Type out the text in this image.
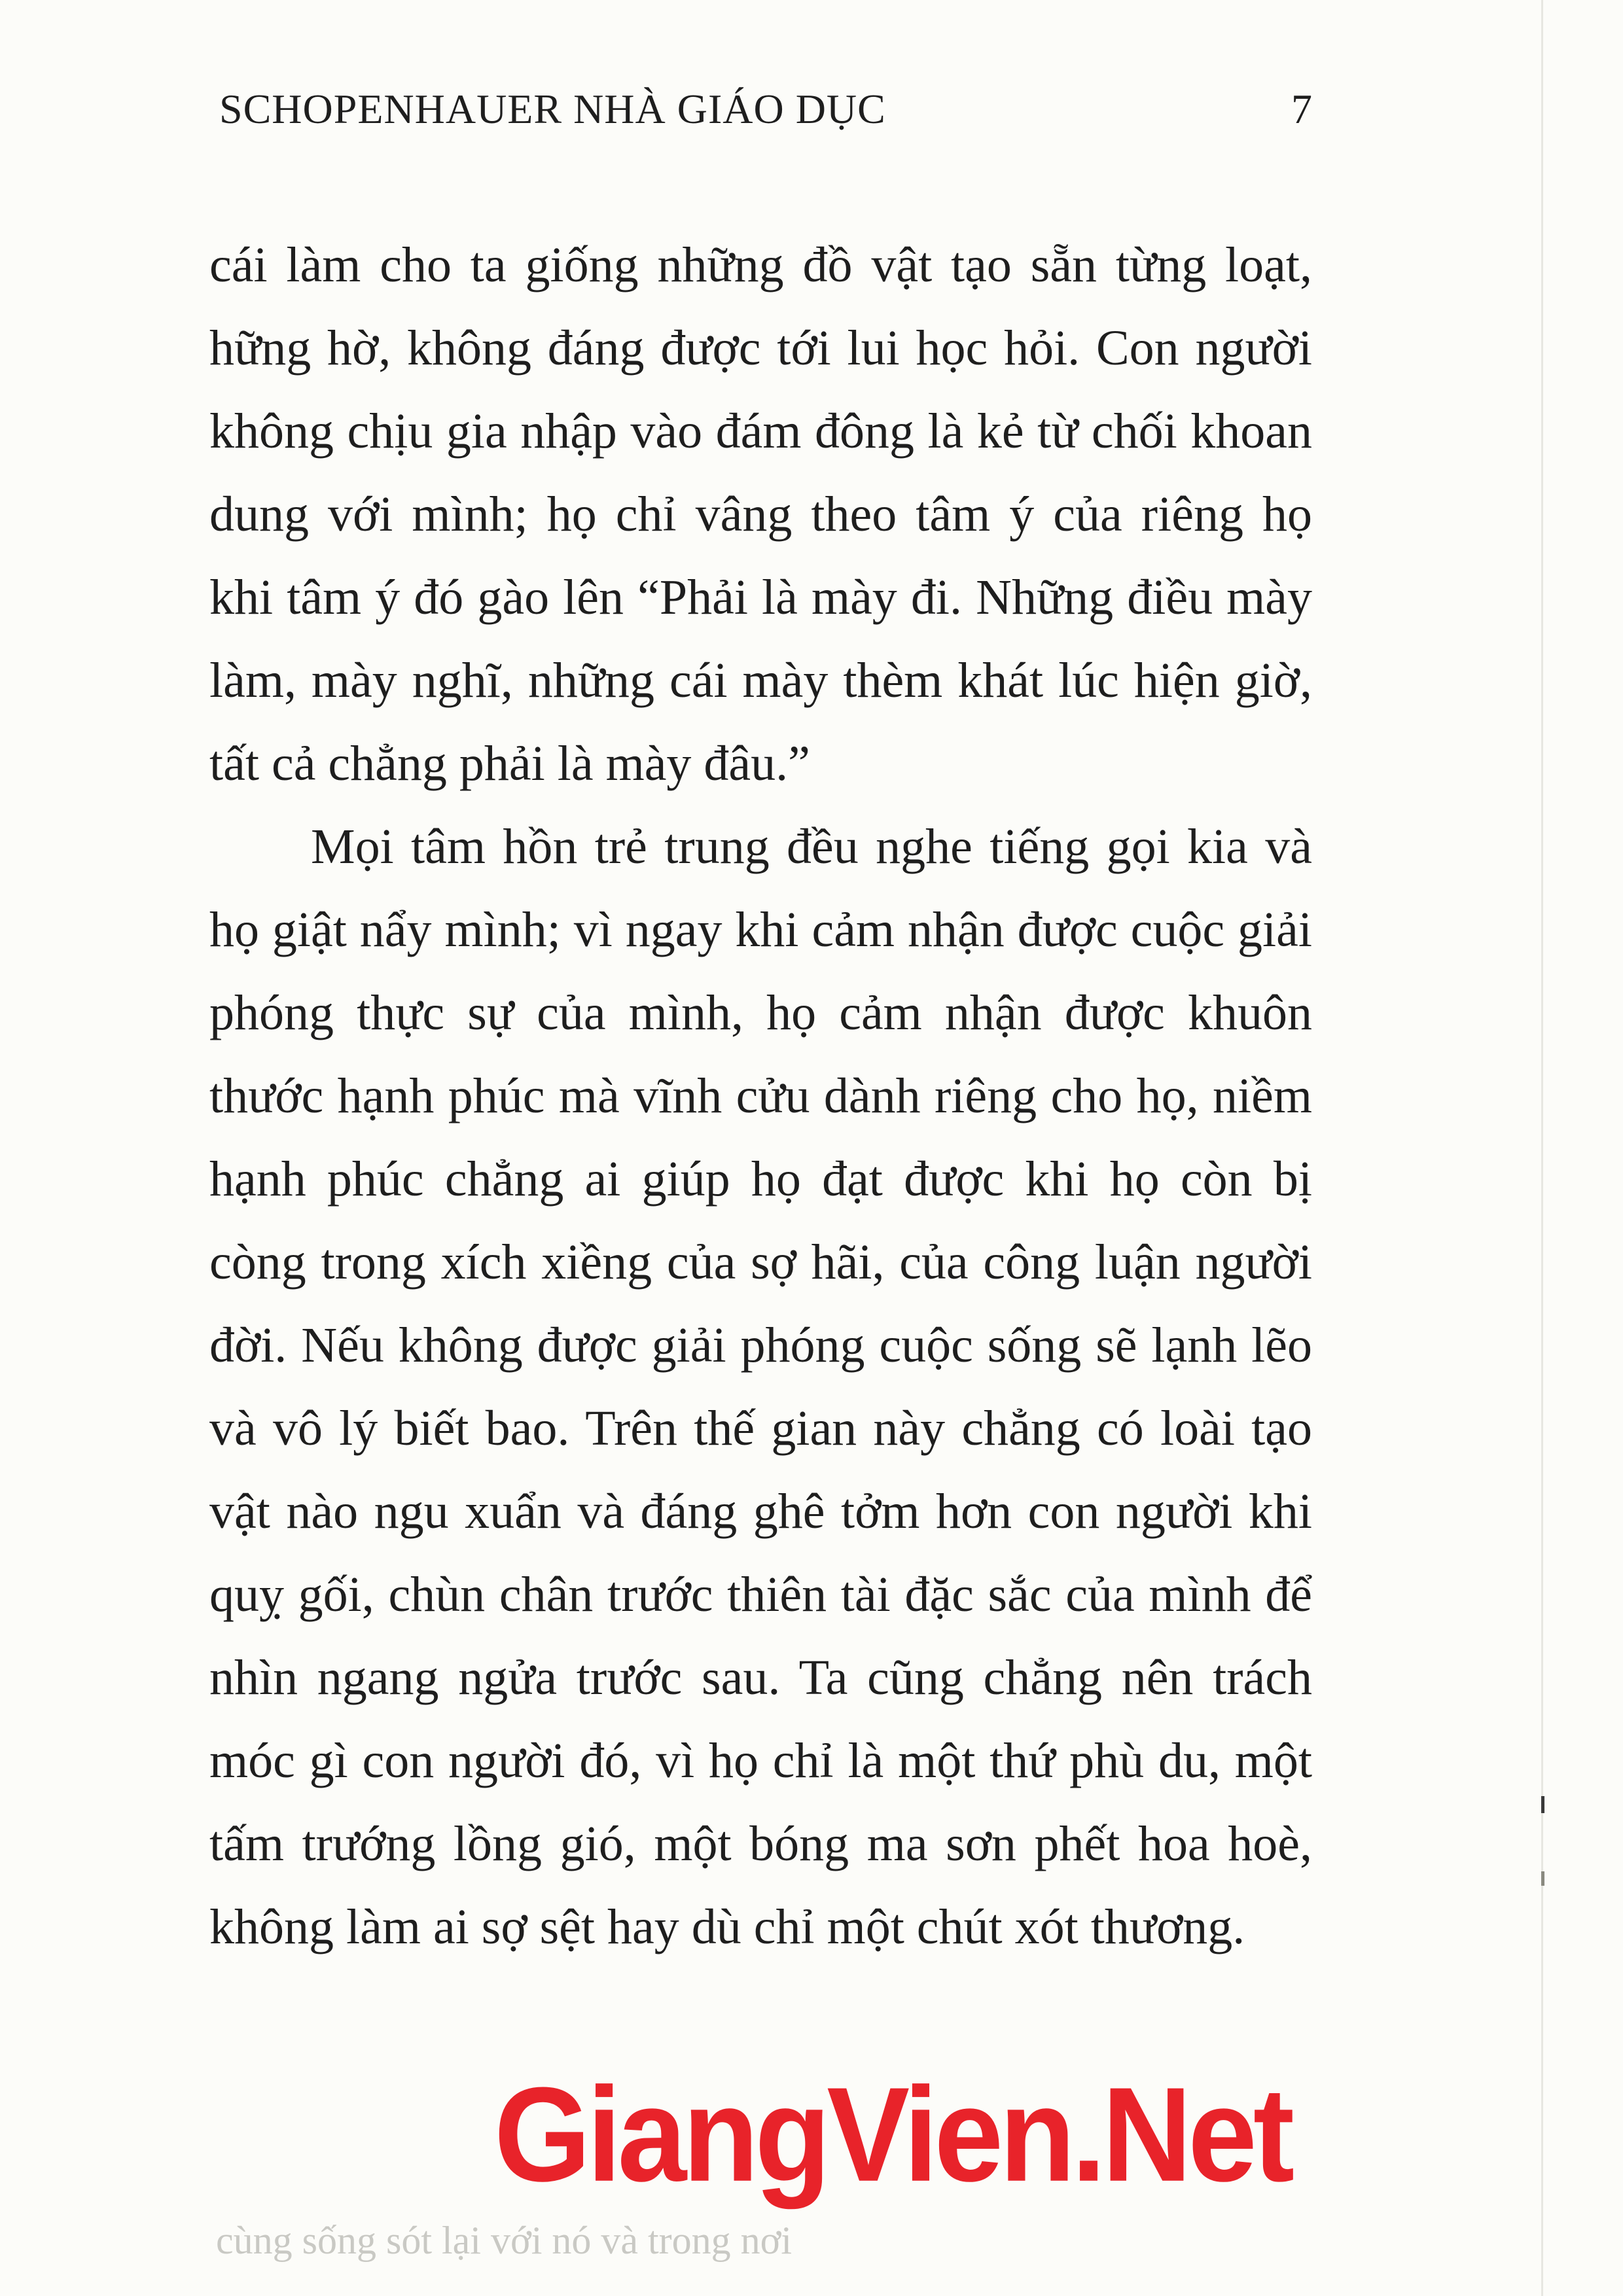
SCHOPENHAUER NHÀ GIÁO DỤC	7

cái làm cho ta giống những đồ vật tạo sẵn từng loạt, hững hờ, không đáng được tới lui học hỏi. Con người không chịu gia nhập vào đám đông là kẻ từ chối khoan dung với mình; họ chỉ vâng theo tâm ý của riêng họ khi tâm ý đó gào lên “Phải là mày đi. Những điều mày làm, mày nghĩ, những cái mày thèm khát lúc hiện giờ, tất cả chẳng phải là mày đâu.”

Mọi tâm hồn trẻ trung đều nghe tiếng gọi kia và họ giật nẩy mình; vì ngay khi cảm nhận được cuộc giải phóng thực sự của mình, họ cảm nhận được khuôn thước hạnh phúc mà vĩnh cửu dành riêng cho họ, niềm hạnh phúc chẳng ai giúp họ đạt được khi họ còn bị còng trong xích xiềng của sợ hãi, của công luận người đời. Nếu không được giải phóng cuộc sống sẽ lạnh lẽo và vô lý biết bao. Trên thế gian này chẳng có loài tạo vật nào ngu xuẩn và đáng ghê tởm hơn con người khi quỵ gối, chùn chân trước thiên tài đặc sắc của mình để nhìn ngang ngửa trước sau. Ta cũng chẳng nên trách móc gì con người đó, vì họ chỉ là một thứ phù du, một tấm trướng lồng gió, một bóng ma sơn phết hoa hoè, không làm ai sợ sệt hay dù chỉ một chút xót thương.

cùng sống sót lại với nó và trong nơi
GiangVien.Net
